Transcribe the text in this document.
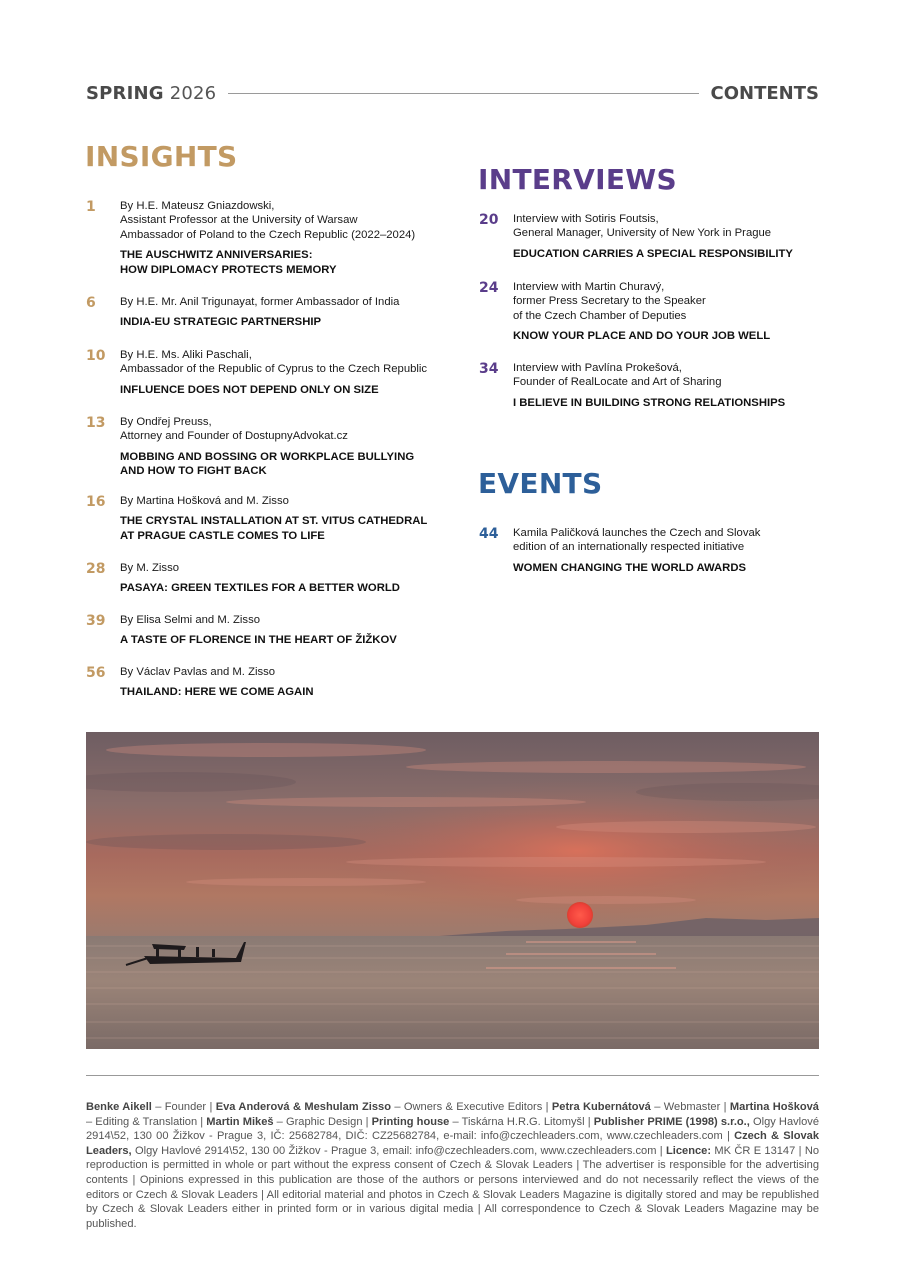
SPRING 2026	CONTENTS
INSIGHTS
INTERVIEWS
EVENTS
1 By H.E. Mateusz Gniazdowski,
Assistant Professor at the University of Warsaw
Ambassador of Poland to the Czech Republic (2022–2024)
THE AUSCHWITZ ANNIVERSARIES:
HOW DIPLOMACY PROTECTS MEMORY
6 By H.E. Mr. Anil Trigunayat, former Ambassador of India
INDIA-EU STRATEGIC PARTNERSHIP
10 By H.E. Ms. Aliki Paschali,
Ambassador of the Republic of Cyprus to the Czech Republic
INFLUENCE DOES NOT DEPEND ONLY ON SIZE
13 By Ondřej Preuss,
Attorney and Founder of DostupnyAdvokat.cz
MOBBING AND BOSSING OR WORKPLACE BULLYING
AND HOW TO FIGHT BACK
16 By Martina Hošková and M. Zisso
THE CRYSTAL INSTALLATION AT ST. VITUS CATHEDRAL
AT PRAGUE CASTLE COMES TO LIFE
28 By M. Zisso
PASAYA: GREEN TEXTILES FOR A BETTER WORLD
39 By Elisa Selmi and M. Zisso
A TASTE OF FLORENCE IN THE HEART OF ŽIŽKOV
56 By Václav Pavlas and M. Zisso
THAILAND: HERE WE COME AGAIN
20 Interview with Sotiris Foutsis,
General Manager, University of New York in Prague
EDUCATION CARRIES A SPECIAL RESPONSIBILITY
24 Interview with Martin Churavý,
former Press Secretary to the Speaker
of the Czech Chamber of Deputies
KNOW YOUR PLACE AND DO YOUR JOB WELL
34 Interview with Pavlína Prokešová,
Founder of RealLocate and Art of Sharing
I BELIEVE IN BUILDING STRONG RELATIONSHIPS
44 Kamila Paličková launches the Czech and Slovak
edition of an internationally respected initiative
WOMEN CHANGING THE WORLD AWARDS
Benke Aikell – Founder | Eva Anderová & Meshulam Zisso – Owners & Executive Editors | Petra Kubernátová – Webmaster | Martina Hošková – Editing & Translation | Martin Mikeš – Graphic Design | Printing house – Tiskárna H.R.G. Litomyšl | Publisher PRIME (1998) s.r.o., Olgy Havlové 2914\52, 130 00 Žižkov - Prague 3, IČ: 25682784, DIČ: CZ25682784, e-mail: info@czechleaders.com, www.czechleaders.com | Czech & Slovak Leaders, Olgy Havlové 2914\52, 130 00 Žižkov - Prague 3, email: info@czechleaders.com, www.czechleaders.com | Licence: MK ČR E 13147 | No reproduction is permitted in whole or part without the express consent of Czech & Slovak Leaders | The advertiser is responsible for the advertising contents | Opinions expressed in this publication are those of the authors or persons interviewed and do not necessarily reflect the views of the editors or Czech & Slovak Leaders | All editorial material and photos in Czech & Slovak Leaders Magazine is digitally stored and may be republished by Czech & Slovak Leaders either in printed form or in various digital media | All correspondence to Czech & Slovak Leaders Magazine may be published.
